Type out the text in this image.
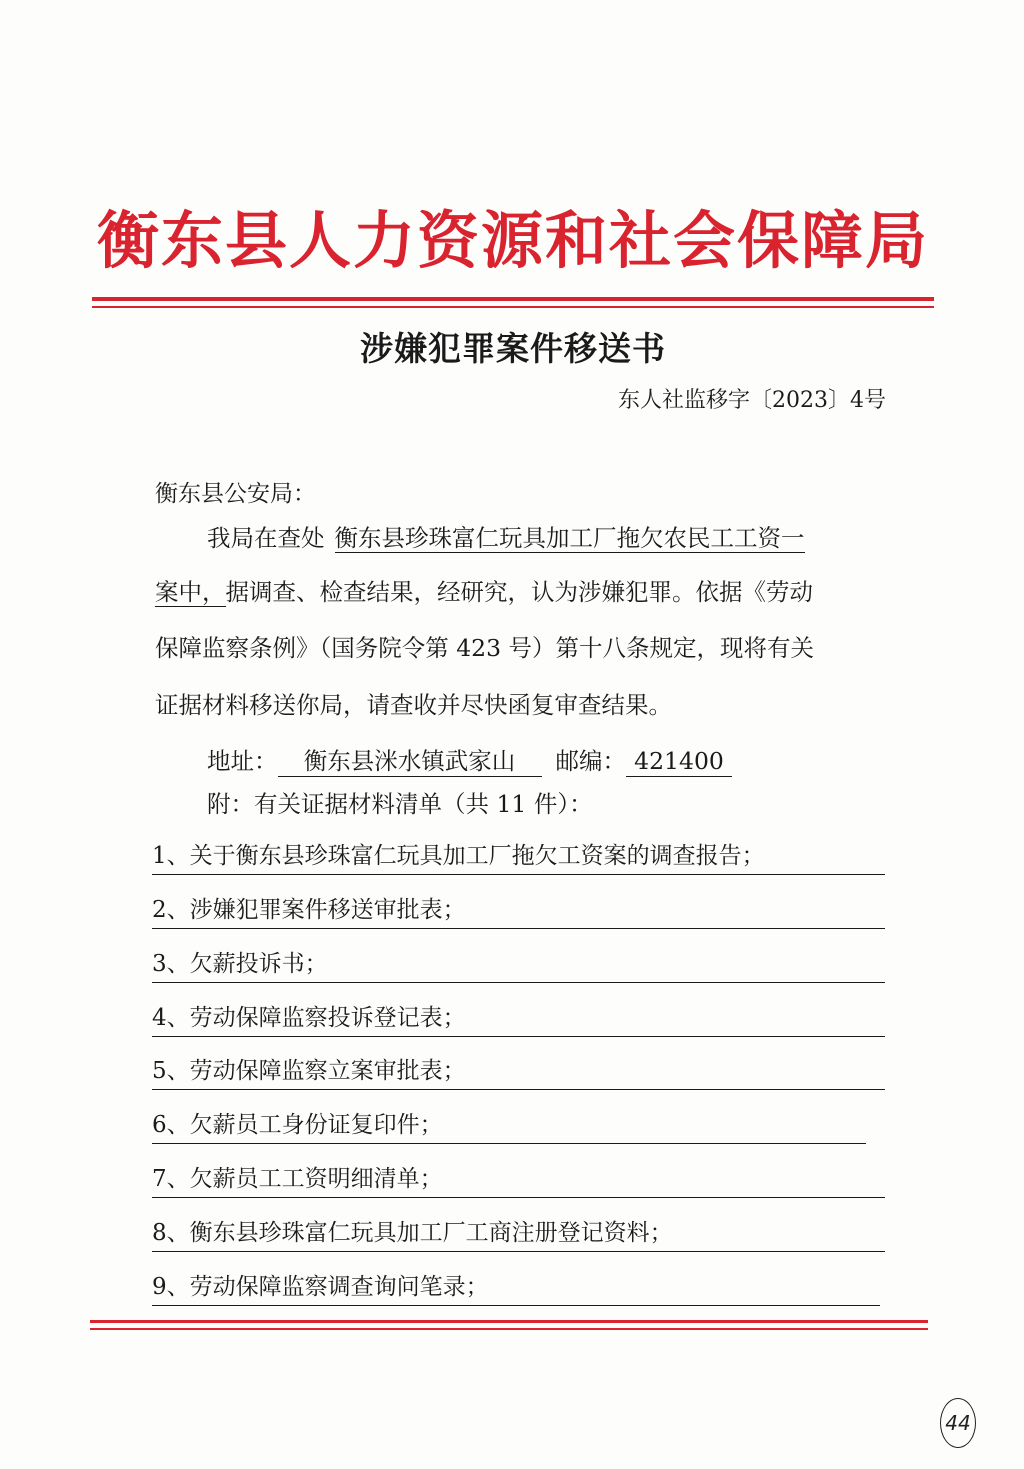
衡东县人力资源和社会保障局
涉嫌犯罪案件移送书
东人社监移字〔2023〕4号
衡东县公安局：
我局在查处 衡东县珍珠富仁玩具加工厂拖欠农民工工资一
案中，据调查、检查结果，经研究，认为涉嫌犯罪。依据《劳动
保障监察条例》（国务院令第 423 号）第十八条规定，现将有关
证据材料移送你局，请查收并尽快函复审查结果。
地址： 衡东县洣水镇武家山 邮编： 421400
附：有关证据材料清单（共 11 件）：
1、关于衡东县珍珠富仁玩具加工厂拖欠工资案的调查报告；
2、涉嫌犯罪案件移送审批表；
3、欠薪投诉书；
4、劳动保障监察投诉登记表；
5、劳动保障监察立案审批表；
6、欠薪员工身份证复印件；
7、欠薪员工工资明细清单；
8、衡东县珍珠富仁玩具加工厂工商注册登记资料；
9、劳动保障监察调查询问笔录；
44
